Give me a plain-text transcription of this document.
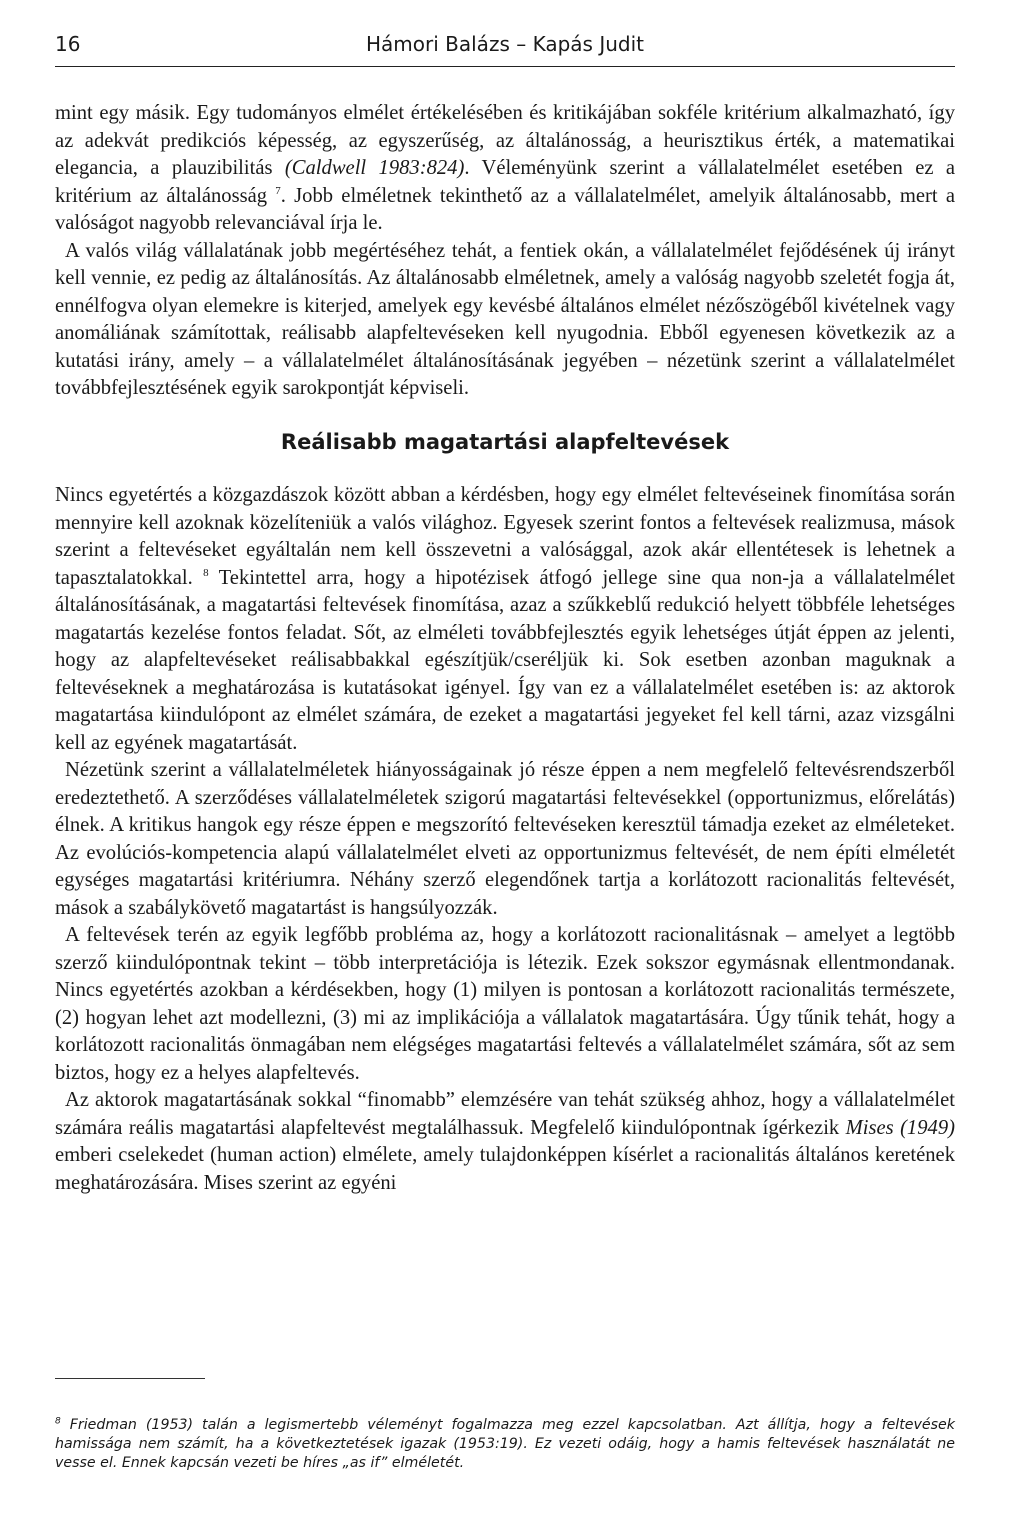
16	Hámori Balázs – Kapás Judit

mint egy másik. Egy tudományos elmélet értékelésében és kritikájában sokféle kritérium alkalmazható, így az adekvát predikciós képesség, az egyszerűség, az általánosság, a heurisztikus érték, a matematikai elegancia, a plauzibilitás (Caldwell 1983:824). Véleményünk szerint a vállalatelmélet esetében ez a kritérium az általánosság $^7$. Jobb elméletnek tekinthető az a vállalatelmélet, amelyik általánosabb, mert a valóságot nagyobb relevanciával írja le.

A valós világ vállalatának jobb megértéséhez tehát, a fentiek okán, a vállalatelmélet fejődésének új irányt kell vennie, ez pedig az általánosítás. Az általánosabb elméletnek, amely a valóság nagyobb szeletét fogja át, ennélfogva olyan elemekre is kiterjed, amelyek egy kevésbé általános elmélet nézőszögéből kivételnek vagy anomáliának számítottak, reálisabb alapfeltevéseken kell nyugodnia. Ebből egyenesen következik az a kutatási irány, amely – a vállalatelmélet általánosításának jegyében – nézetünk szerint a vállalatelmélet továbbfejlesztésének egyik sarokpontját képviseli.

Reálisabb magatartási alapfeltevések

Nincs egyetértés a közgazdászok között abban a kérdésben, hogy egy elmélet feltevéseinek finomítása során mennyire kell azoknak közelíteniük a valós világhoz. Egyesek szerint fontos a feltevések realizmusa, mások szerint a feltevéseket egyáltalán nem kell összevetni a valósággal, azok akár ellentétesek is lehetnek a tapasztalatokkal. $^8$ Tekintettel arra, hogy a hipotézisek átfogó jellege sine qua non-ja a vállalatelmélet általánosításának, a magatartási feltevések finomítása, azaz a szűkkeblű redukció helyett többféle lehetséges magatartás kezelése fontos feladat. Sőt, az elméleti továbbfejlesztés egyik lehetséges útját éppen az jelenti, hogy az alapfeltevéseket reálisabbakkal egészítjük/cseréljük ki. Sok esetben azonban maguknak a feltevéseknek a meghatározása is kutatásokat igényel. Így van ez a vállalatelmélet esetében is: az aktorok magatartása kiindulópont az elmélet számára, de ezeket a magatartási jegyeket fel kell tárni, azaz vizsgálni kell az egyének magatartását.

Nézetünk szerint a vállalatelméletek hiányosságainak jó része éppen a nem megfelelő feltevésrendszerből eredeztethető. A szerződéses vállalatelméletek szigorú magatartási feltevésekkel (opportunizmus, előrelátás) élnek. A kritikus hangok egy része éppen e megszorító feltevéseken keresztül támadja ezeket az elméleteket. Az evolúciós-kompetencia alapú vállalatelmélet elveti az opportunizmus feltevését, de nem építi elméletét egységes magatartási kritériumra. Néhány szerző elegendőnek tartja a korlátozott racionalitás feltevését, mások a szabálykövető magatartást is hangsúlyozzák.

A feltevések terén az egyik legfőbb probléma az, hogy a korlátozott racionalitásnak – amelyet a legtöbb szerző kiindulópontnak tekint – több interpretációja is létezik. Ezek sokszor egymásnak ellentmondanak. Nincs egyetértés azokban a kérdésekben, hogy (1) milyen is pontosan a korlátozott racionalitás természete, (2) hogyan lehet azt modellezni, (3) mi az implikációja a vállalatok magatartására. Úgy tűnik tehát, hogy a korlátozott racionalitás önmagában nem elégséges magatartási feltevés a vállalatelmélet számára, sőt az sem biztos, hogy ez a helyes alapfeltevés.

Az aktorok magatartásának sokkal “finomabb” elemzésére van tehát szükség ahhoz, hogy a vállalatelmélet számára reális magatartási alapfeltevést megtalálhassuk. Megfelelő kiindulópontnak ígérkezik Mises (1949) emberi cselekedet (human action) elmélete, amely tulajdonképpen kísérlet a racionalitás általános keretének meghatározására. Mises szerint az egyéni

$^8$ Friedman (1953) talán a legismertebb véleményt fogalmazza meg ezzel kapcsolatban. Azt állítja, hogy a feltevések hamissága nem számít, ha a következtetések igazak (1953:19). Ez vezeti odáig, hogy a hamis feltevések használatát ne vesse el. Ennek kapcsán vezeti be híres „as if” elméletét.
